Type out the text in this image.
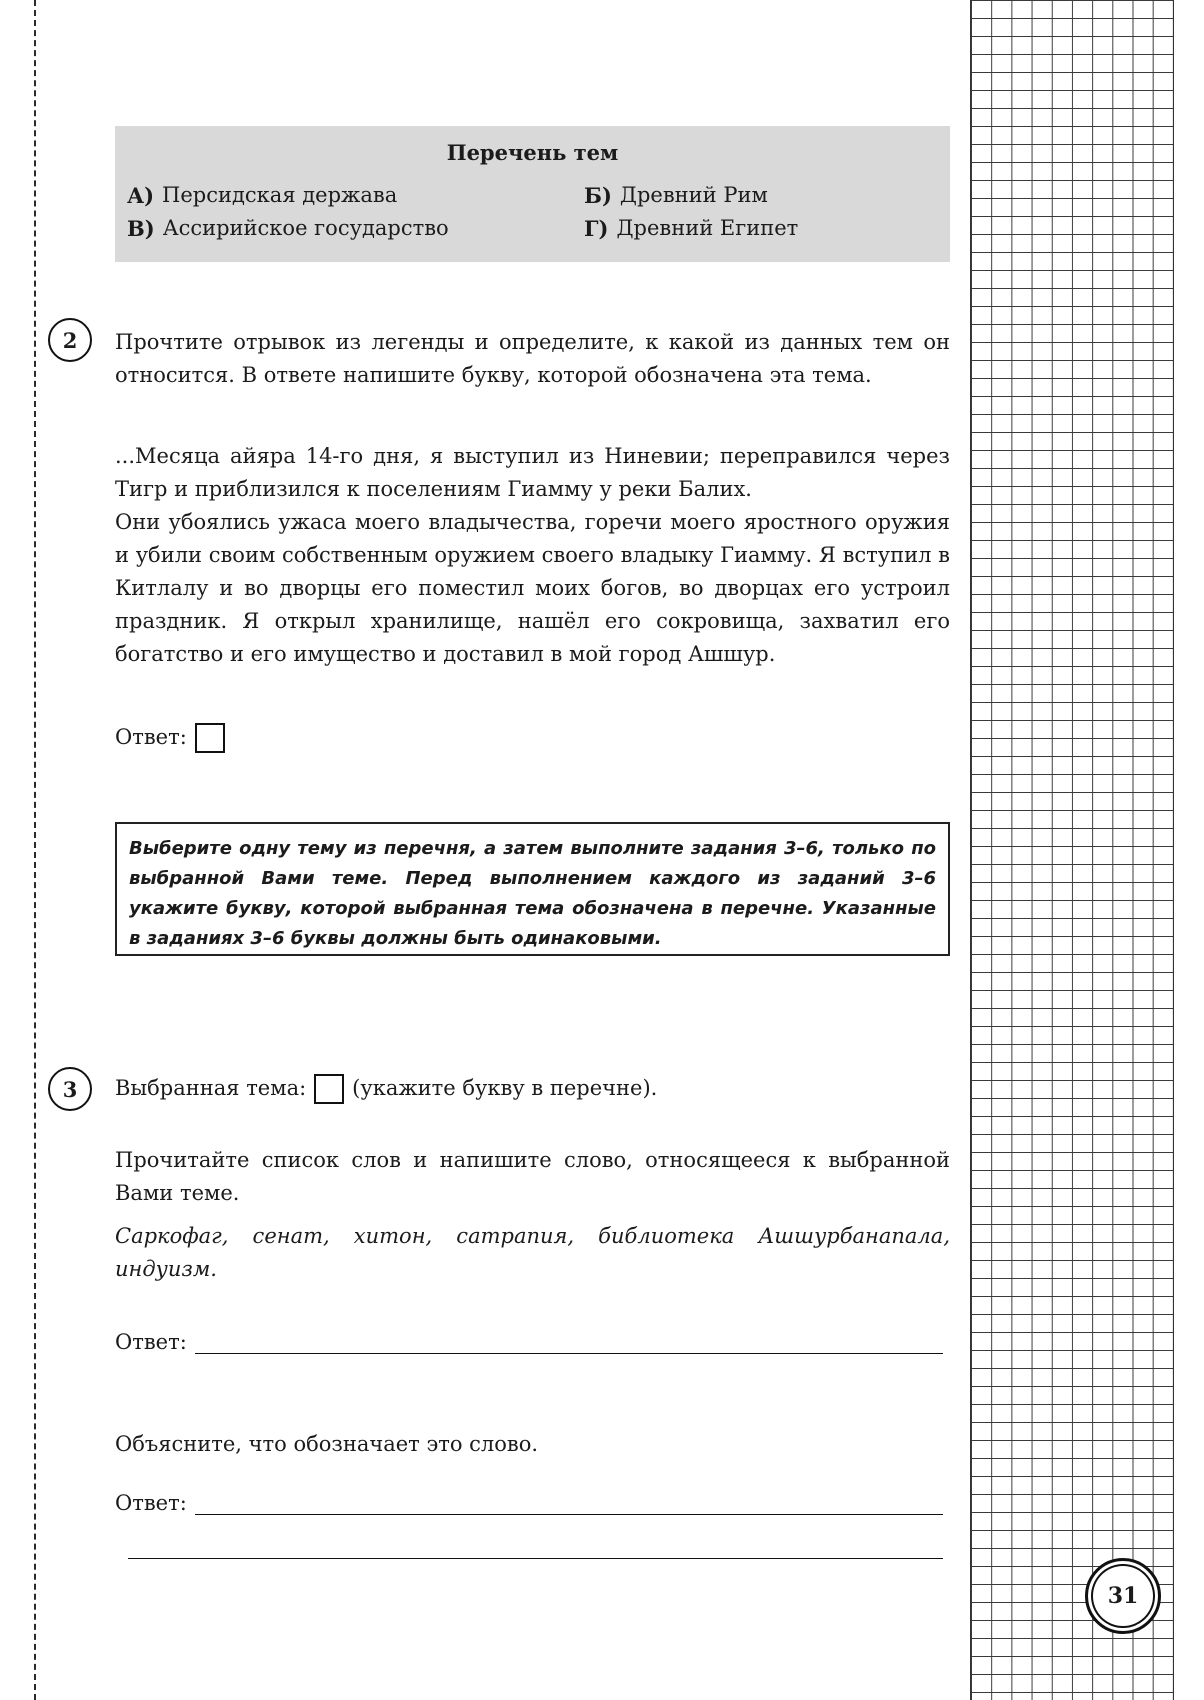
31
Перечень тем
А) Персидская держава	Б) Древний Рим
В) Ассирийское государство	Г) Древний Египет
2	Прочтите отрывок из легенды и определите, к какой из данных тем он относится. В ответе напишите букву, которой обозначена эта тема.
...Месяца айяра 14-го дня, я выступил из Ниневии; переправился через Тигр и приблизился к поселениям Гиамму у реки Балих.
Они убоялись ужаса моего владычества, горечи моего яростного оружия и убили своим собственным оружием своего владыку Гиамму. Я вступил в Китлалу и во дворцы его поместил моих богов, во дворцах его устроил праздник. Я открыл хранилище, нашёл его сокровища, захватил его богатство и его имущество и доставил в мой город Ашшур.
Ответ:
Выберите одну тему из перечня, а затем выполните задания 3–6, только по выбранной Вами теме. Перед выполнением каждого из заданий 3–6 укажите букву, которой выбранная тема обозначена в перечне. Указанные в заданиях 3–6 буквы должны быть одинаковыми.
3	Выбранная тема: (укажите букву в перечне).
Прочитайте список слов и напишите слово, относящееся к выбранной Вами теме.
Саркофаг, сенат, хитон, сатрапия, библиотека Ашшурбанапала, индуизм.
Ответ:
Объясните, что обозначает это слово.
Ответ:
